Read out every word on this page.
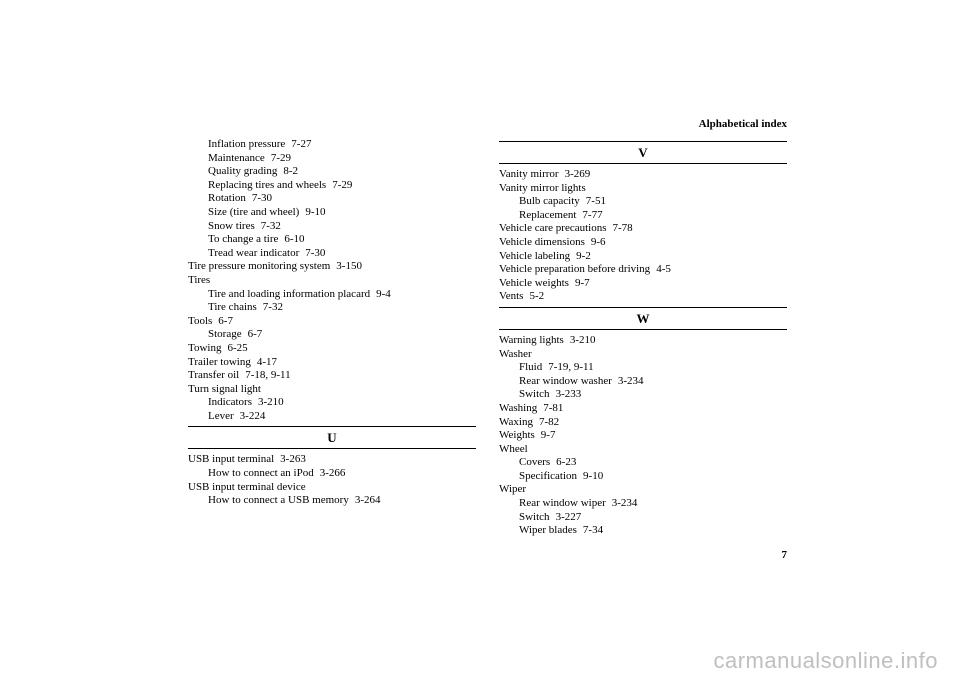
Alphabetical index
Inflation pressure 7-27
Maintenance 7-29
Quality grading 8-2
Replacing tires and wheels 7-29
Rotation 7-30
Size (tire and wheel) 9-10
Snow tires 7-32
To change a tire 6-10
Tread wear indicator 7-30
Tire pressure monitoring system 3-150
Tires
Tire and loading information placard 9-4
Tire chains 7-32
Tools 6-7
Storage 6-7
Towing 6-25
Trailer towing 4-17
Transfer oil 7-18, 9-11
Turn signal light
Indicators 3-210
Lever 3-224
U
USB input terminal 3-263
How to connect an iPod 3-266
USB input terminal device
How to connect a USB memory 3-264
V
Vanity mirror 3-269
Vanity mirror lights
Bulb capacity 7-51
Replacement 7-77
Vehicle care precautions 7-78
Vehicle dimensions 9-6
Vehicle labeling 9-2
Vehicle preparation before driving 4-5
Vehicle weights 9-7
Vents 5-2
W
Warning lights 3-210
Washer
Fluid 7-19, 9-11
Rear window washer 3-234
Switch 3-233
Washing 7-81
Waxing 7-82
Weights 9-7
Wheel
Covers 6-23
Specification 9-10
Wiper
Rear window wiper 3-234
Switch 3-227
Wiper blades 7-34
7
carmanualsonline.info
